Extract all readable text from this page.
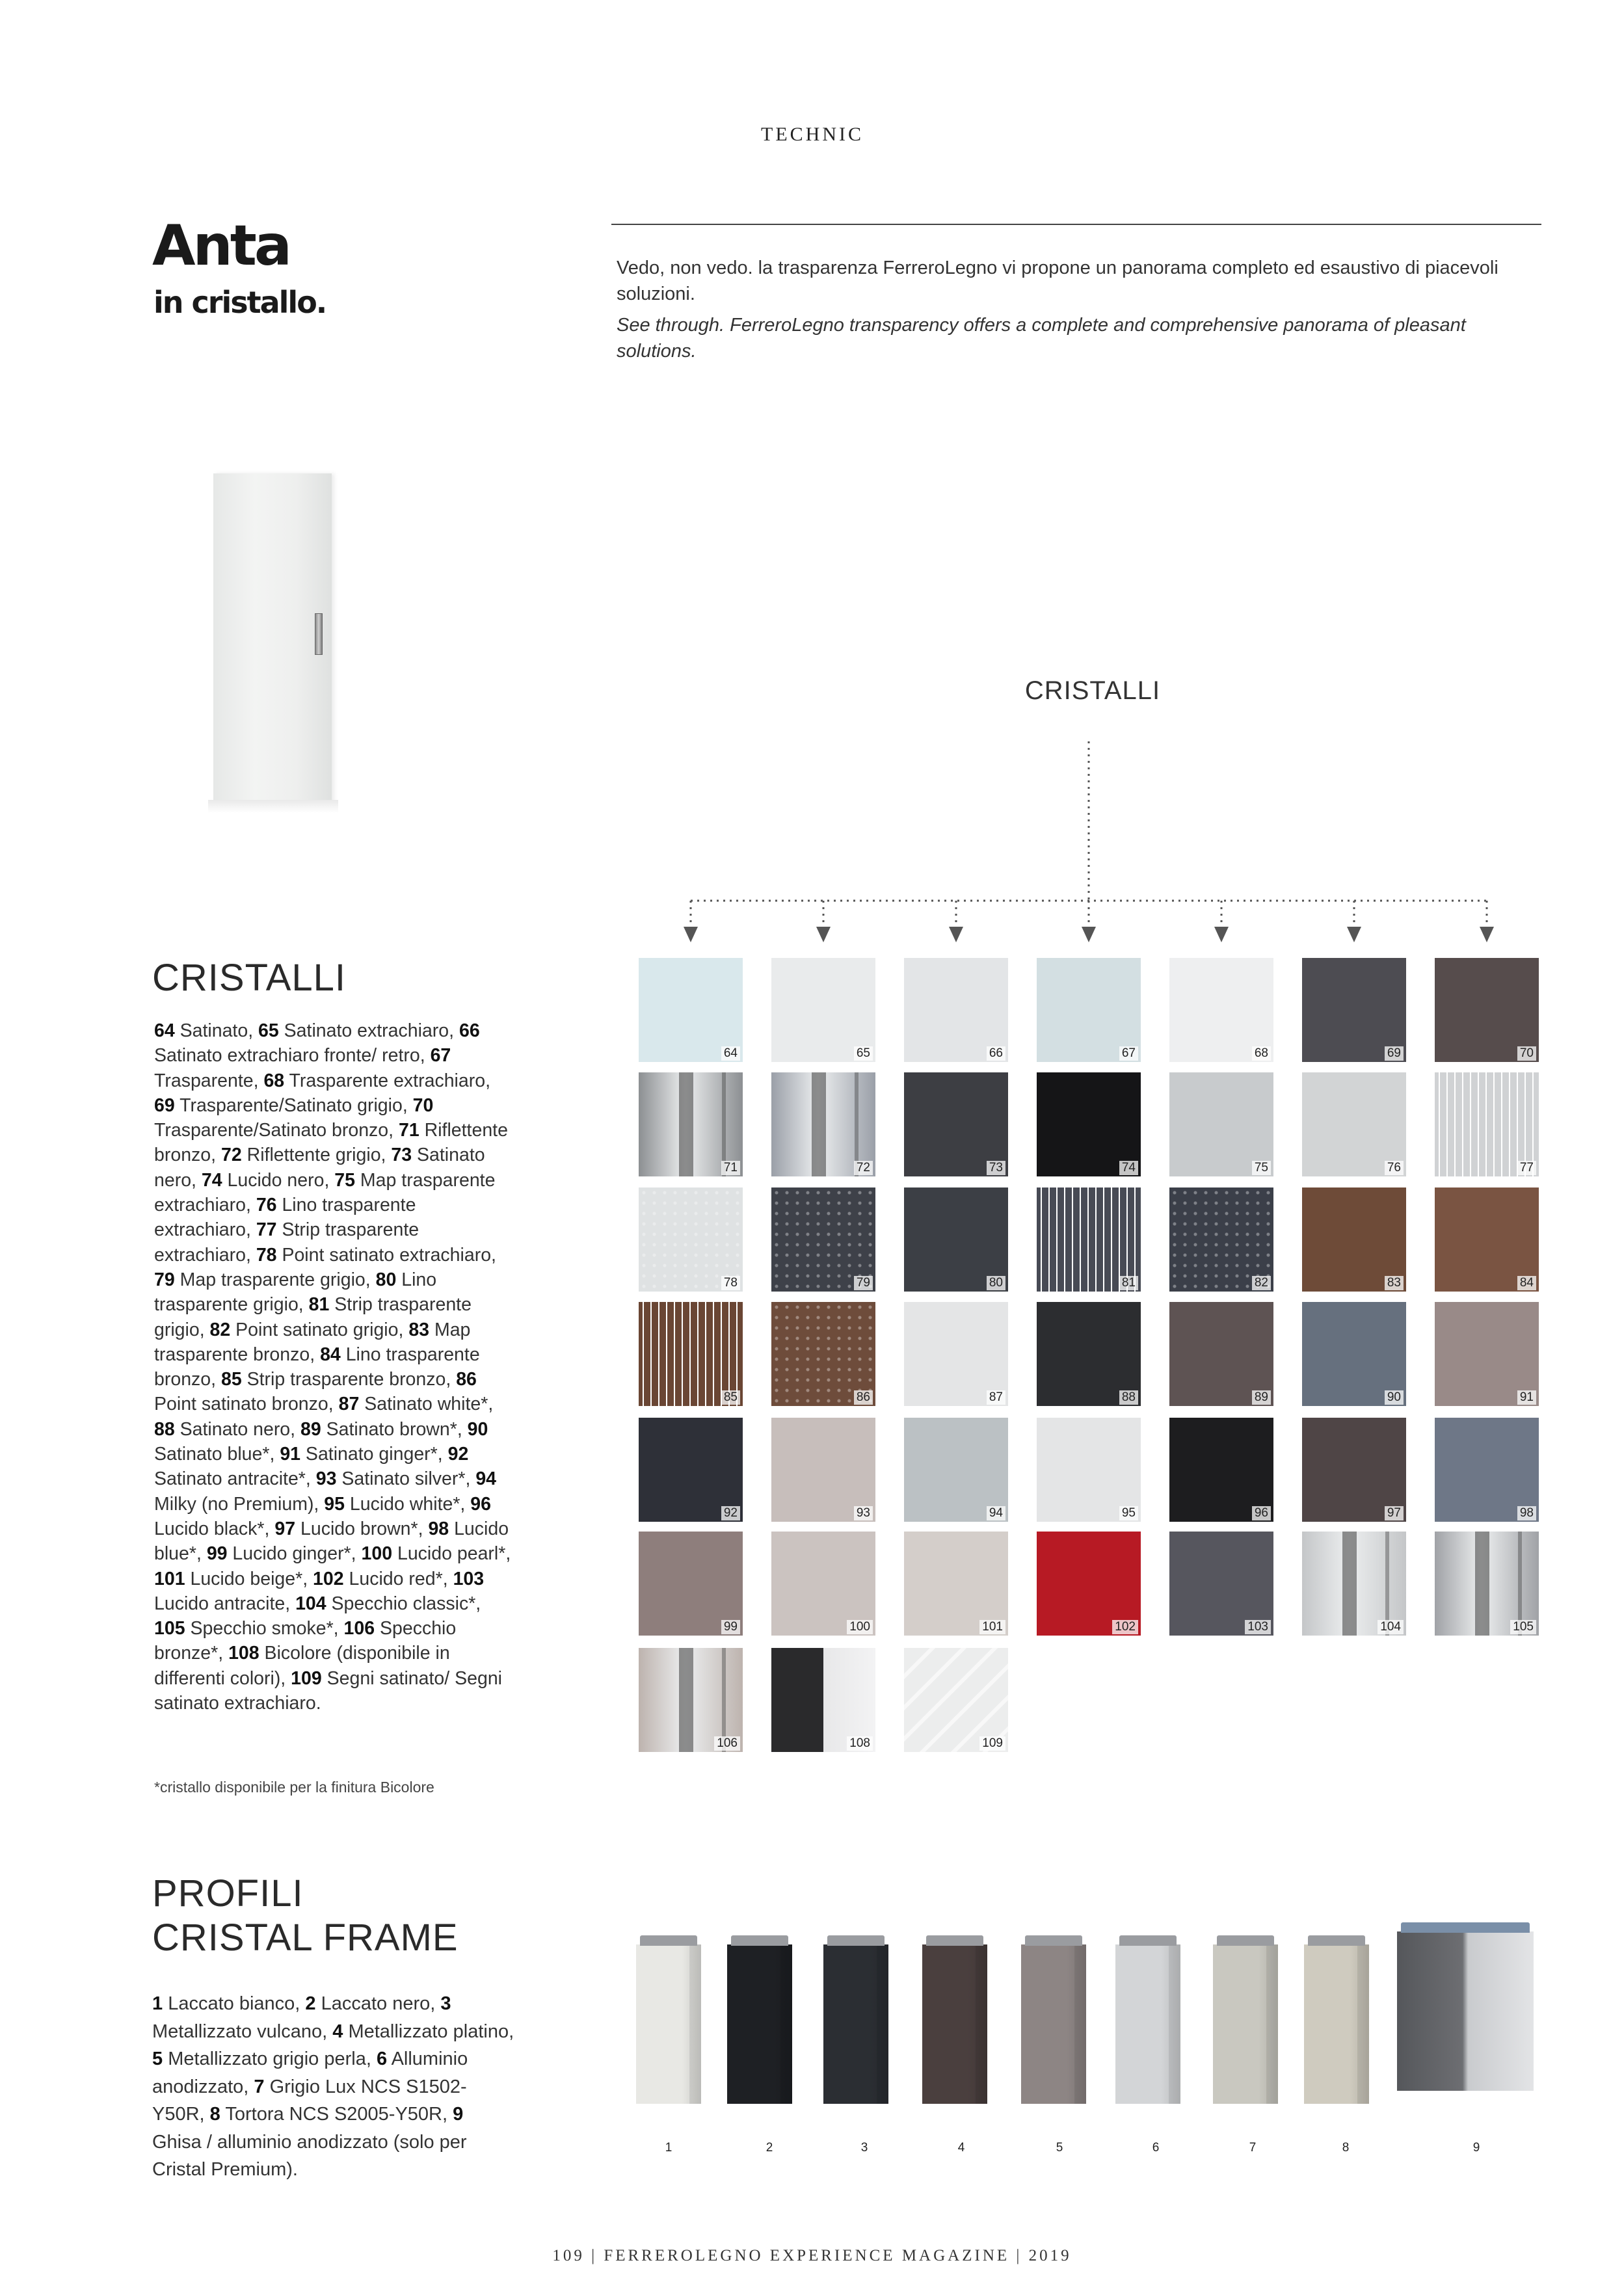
TECHNIC
Anta
in cristallo.

Vedo, non vedo. la trasparenza FerreroLegno vi propone un panorama completo ed esaustivo di piacevoli soluzioni.

See through. FerreroLegno transparency offers a complete and comprehensive panorama of pleasant solutions.

CRISTALLI
CRISTALLI
64 Satinato, 65 Satinato extrachiaro, 66 Satinato extrachiaro fronte/ retro, 67 Trasparente, 68 Trasparente extrachiaro, 69 Trasparente/Satinato grigio, 70 Trasparente/Satinato bronzo, 71 Riflettente bronzo, 72 Riflettente grigio, 73 Satinato nero, 74 Lucido nero, 75 Map trasparente extrachiaro, 76 Lino trasparente extrachiaro, 77 Strip trasparente extrachiaro, 78 Point satinato extrachiaro, 79 Map trasparente grigio, 80 Lino trasparente grigio, 81 Strip trasparente grigio, 82 Point satinato grigio, 83 Map trasparente bronzo, 84 Lino trasparente bronzo, 85 Strip trasparente bronzo, 86 Point satinato bronzo, 87 Satinato white*, 88 Satinato nero, 89 Satinato brown*, 90 Satinato blue*, 91 Satinato ginger*, 92 Satinato antracite*, 93 Satinato silver*, 94 Milky (no Premium), 95 Lucido white*, 96 Lucido black*, 97 Lucido brown*, 98 Lucido blue*, 99 Lucido ginger*, 100 Lucido pearl*, 101 Lucido beige*, 102 Lucido red*, 103 Lucido antracite, 104 Specchio classic*, 105 Specchio smoke*, 106 Specchio bronze*, 108 Bicolore (disponibile in differenti colori), 109 Segni satinato/ Segni satinato extrachiaro.
*cristallo disponibile per la finitura Bicolore
64	65	66	67	68	69	70
71	72	73	74	75	76	77
78	79	80	81	82	83	84
85	86	87	88	89	90	91
92	93	94	95	96	97	98
99	100	101	102	103	104	105
106	108	109
PROFILI
CRISTAL FRAME
1 Laccato bianco, 2 Laccato nero, 3 Metallizzato vulcano, 4 Metallizzato platino, 5 Metallizzato grigio perla, 6 Alluminio anodizzato, 7 Grigio Lux NCS S1502-Y50R, 8 Tortora NCS S2005-Y50R, 9 Ghisa / alluminio anodizzato (solo per Cristal Premium).
1	2	3	4	5	6	7	8	9
109 | FERREROLEGNO EXPERIENCE MAGAZINE | 2019
